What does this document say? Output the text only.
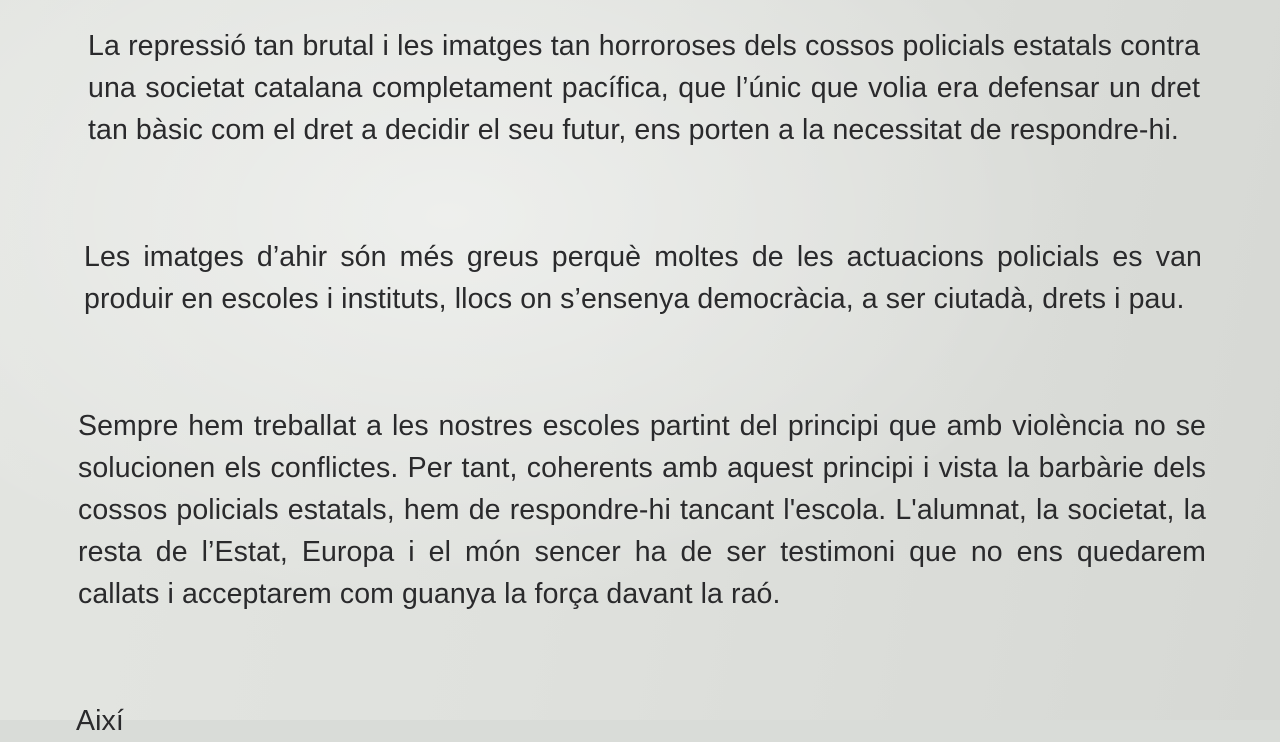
La repressió tan brutal i les imatges tan horroroses dels cossos policials estatals contra una societat catalana completament pacífica, que l’únic que volia era defensar un dret tan bàsic com el dret a decidir el seu futur, ens porten a la necessitat de respondre-hi.

Les imatges d’ahir són més greus perquè moltes de les actuacions policials es van produir en escoles i instituts, llocs on s’ensenya democràcia, a ser ciutadà, drets i pau.

Sempre hem treballat a les nostres escoles partint del principi que amb violència no se solucionen els conflictes. Per tant, coherents amb aquest principi i vista la barbàrie dels cossos policials estatals, hem de respondre-hi tancant l'escola. L'alumnat, la societat, la resta de l’Estat, Europa i el món sencer ha de ser testimoni que no ens quedarem callats i acceptarem com guanya la força davant la raó.

Així
